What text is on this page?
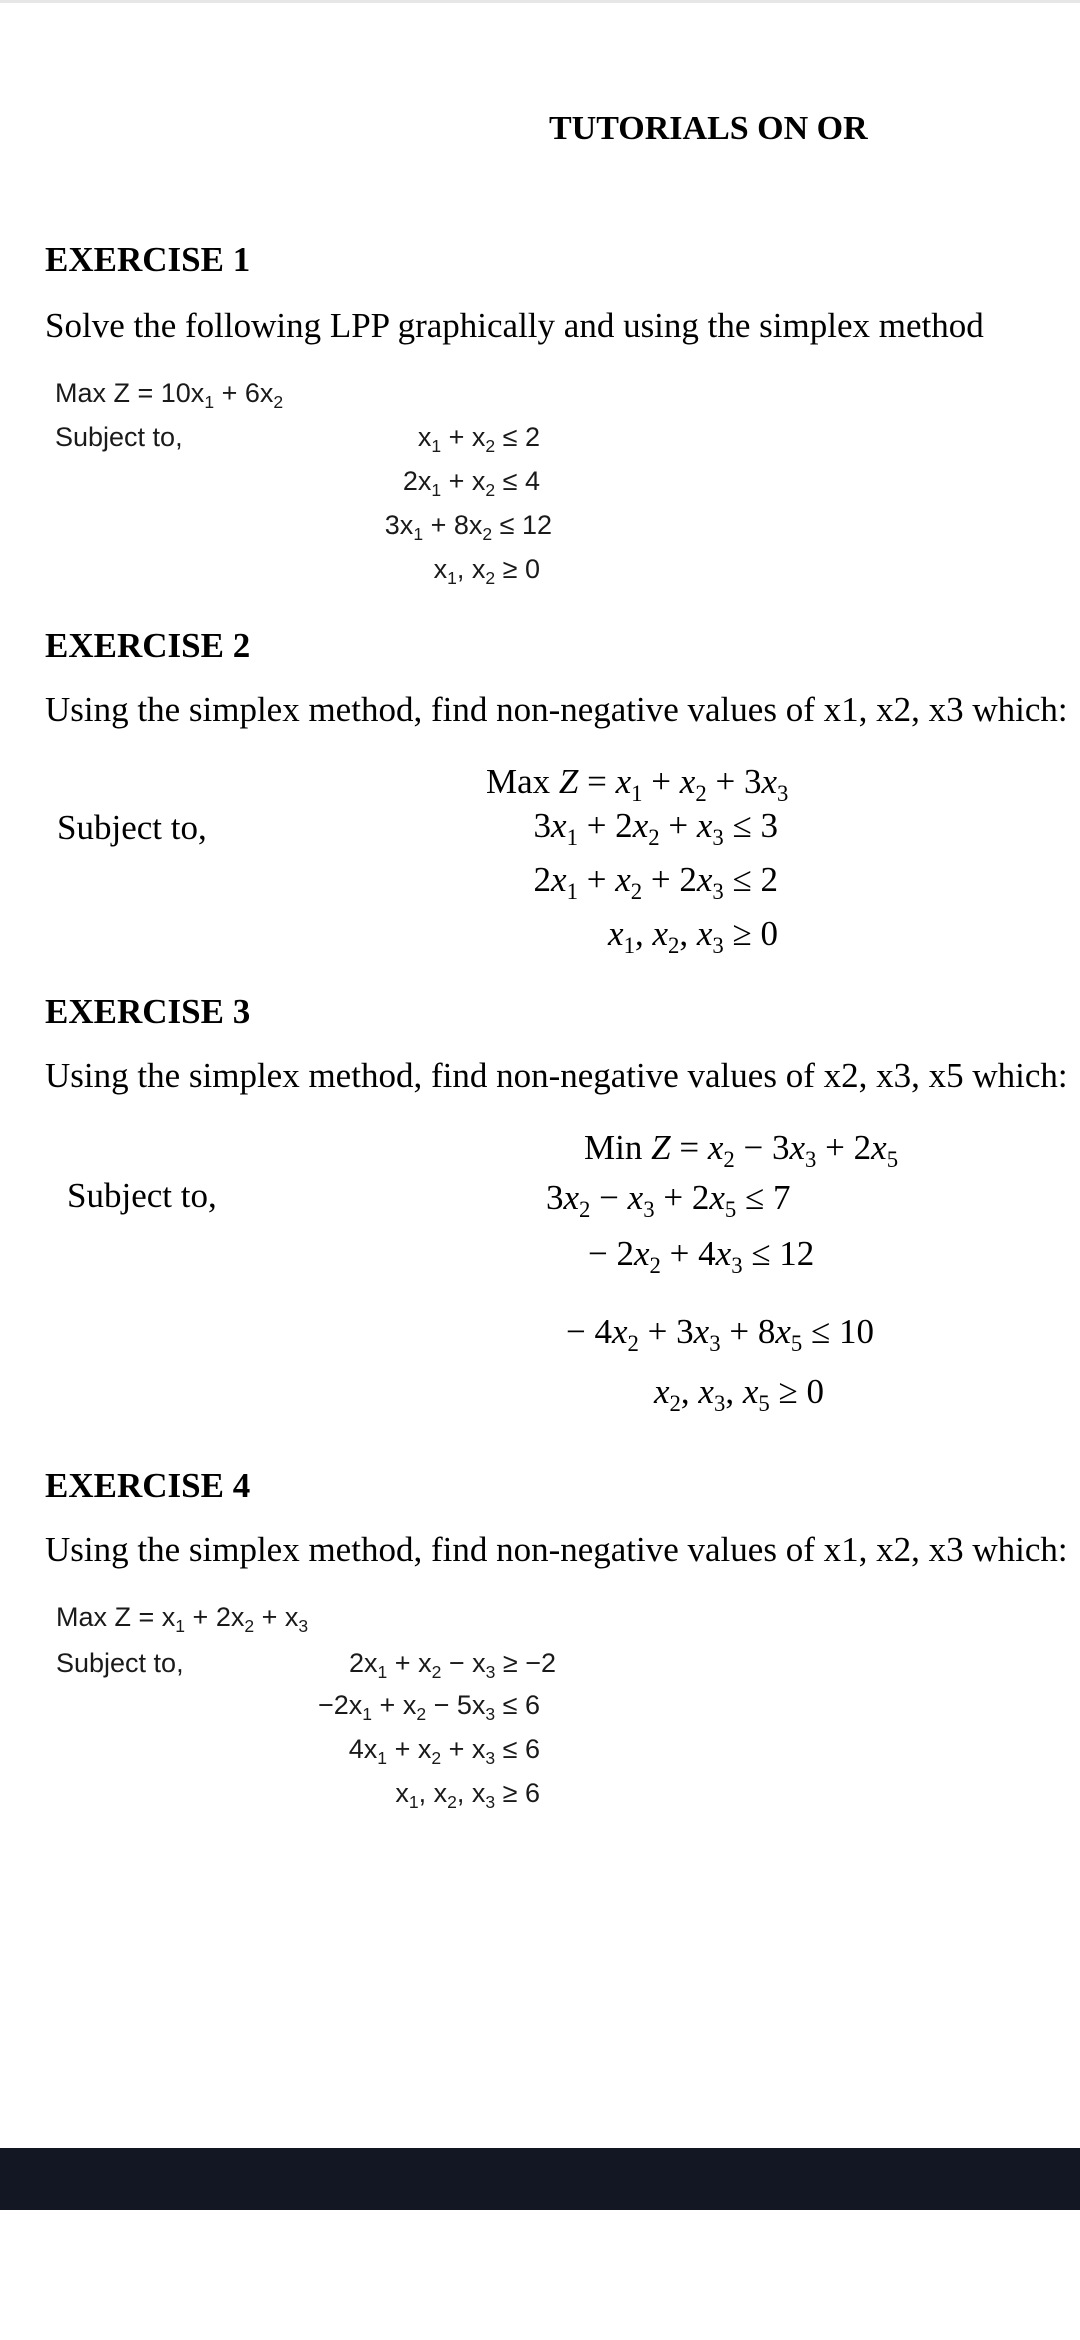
TUTORIALS ON OR
EXERCISE 1
Solve the following LPP graphically and using the simplex method
Max $Z = 10x_1 + 6x_2$
Subject to,	$x_1 + x_2 \le 2$
$2x_1 + x_2 \le 4$
$3x_1 + 8x_2 \le 12$
$x_1$, $x_2 \ge 0$
EXERCISE 2
Using the simplex method, find non-negative values of x1, x2, x3 which:
Max $Z = x_1 + x_2 + 3x_3$
Subject to,	$3x_1 + 2x_2 + x_3 \le 3$
$2x_1 + x_2 + 2x_3 \le 2$
$x_1$, $x_2$, $x_3 \ge 0$
EXERCISE 3
Using the simplex method, find non-negative values of x2, x3, x5 which:
Min $Z = x_2 - 3x_3 + 2x_5$
Subject to,	$3x_2 - x_3 + 2x_5 \le 7$
− $2x_2 + 4x_3 \le 12$
− $4x_2 + 3x_3 + 8x_5 \le 10$
$x_2$, $x_3$, $x_5 \ge 0$
EXERCISE 4
Using the simplex method, find non-negative values of x1, x2, x3 which:
Max $Z = x_1 + 2x_2 + x_3$
Subject to,	$2x_1 + x_2 - x_3 \ge -2$
$-2x_1 + x_2 - 5x_3 \le 6$
$4x_1 + x_2 + x_3 \le 6$
$x_1$, $x_2$, $x_3 \ge 6$
